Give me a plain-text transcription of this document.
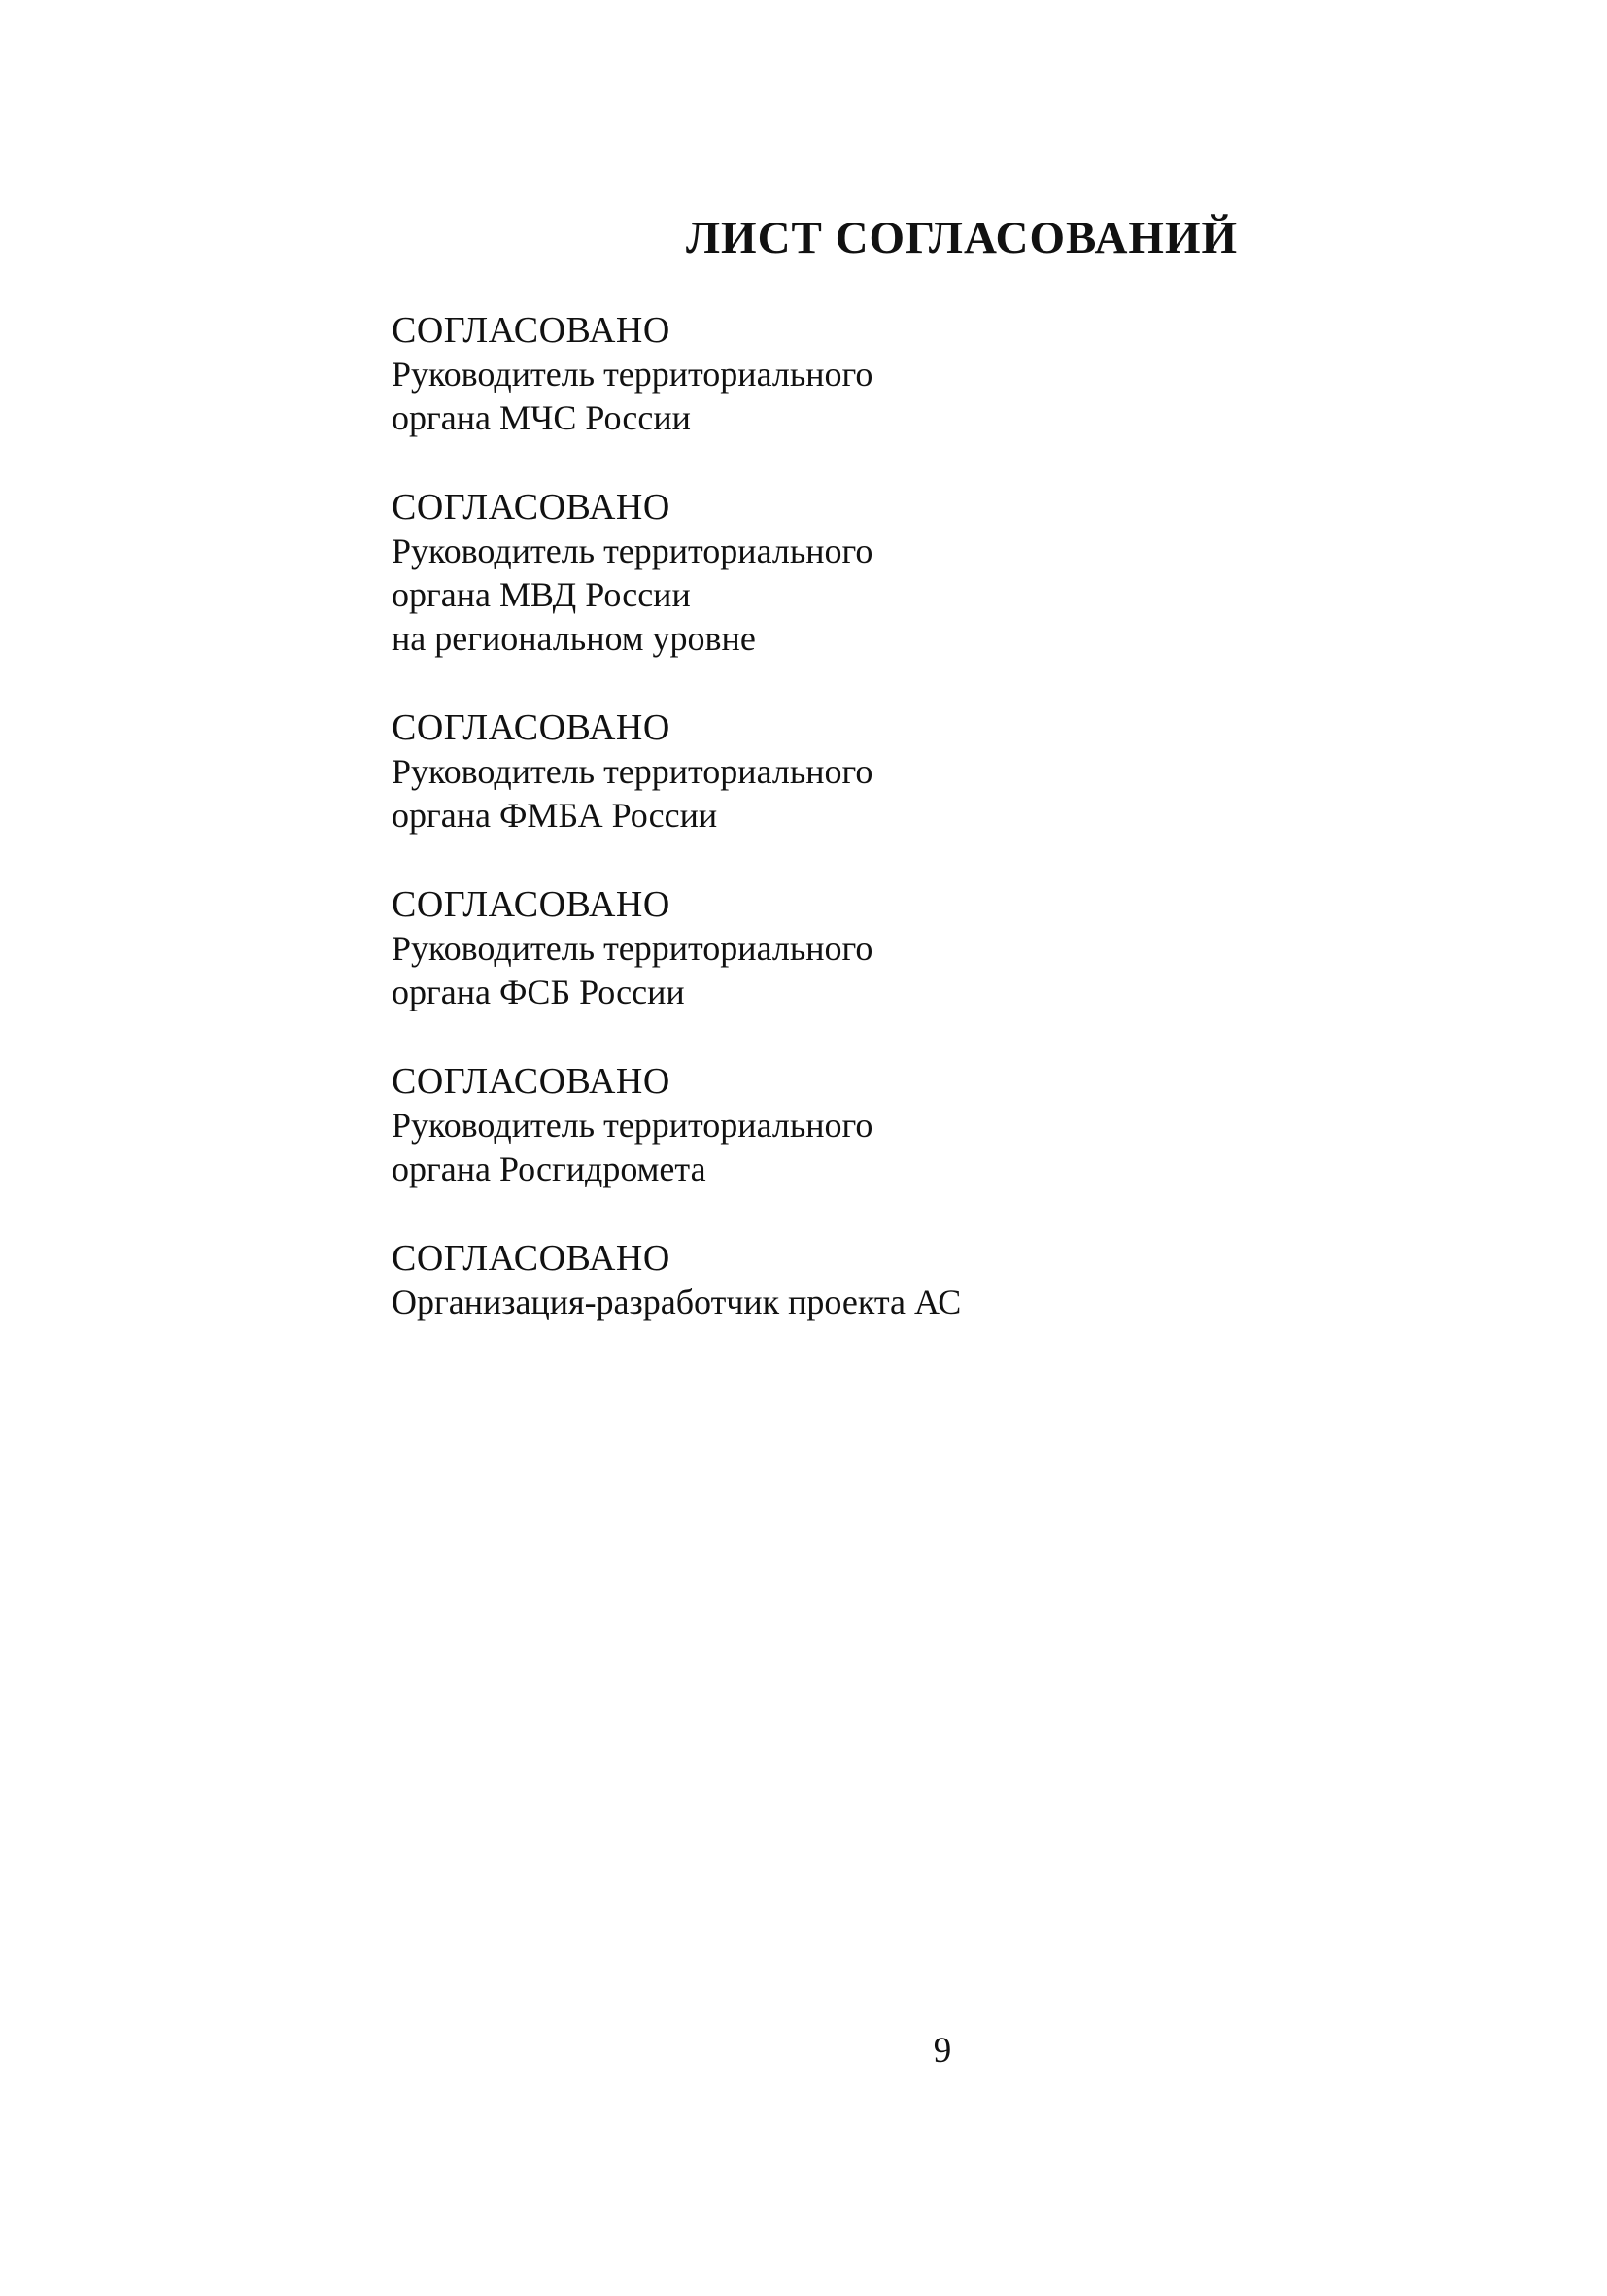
ЛИСТ СОГЛАСОВАНИЙ
СОГЛАСОВАНО
Руководитель территориального
органа МЧС России
СОГЛАСОВАНО
Руководитель территориального
органа МВД России
на региональном уровне
СОГЛАСОВАНО
Руководитель территориального
органа ФМБА России
СОГЛАСОВАНО
Руководитель территориального
органа ФСБ России
СОГЛАСОВАНО
Руководитель территориального
органа Росгидромета
СОГЛАСОВАНО
Организация-разработчик проекта АС
9
